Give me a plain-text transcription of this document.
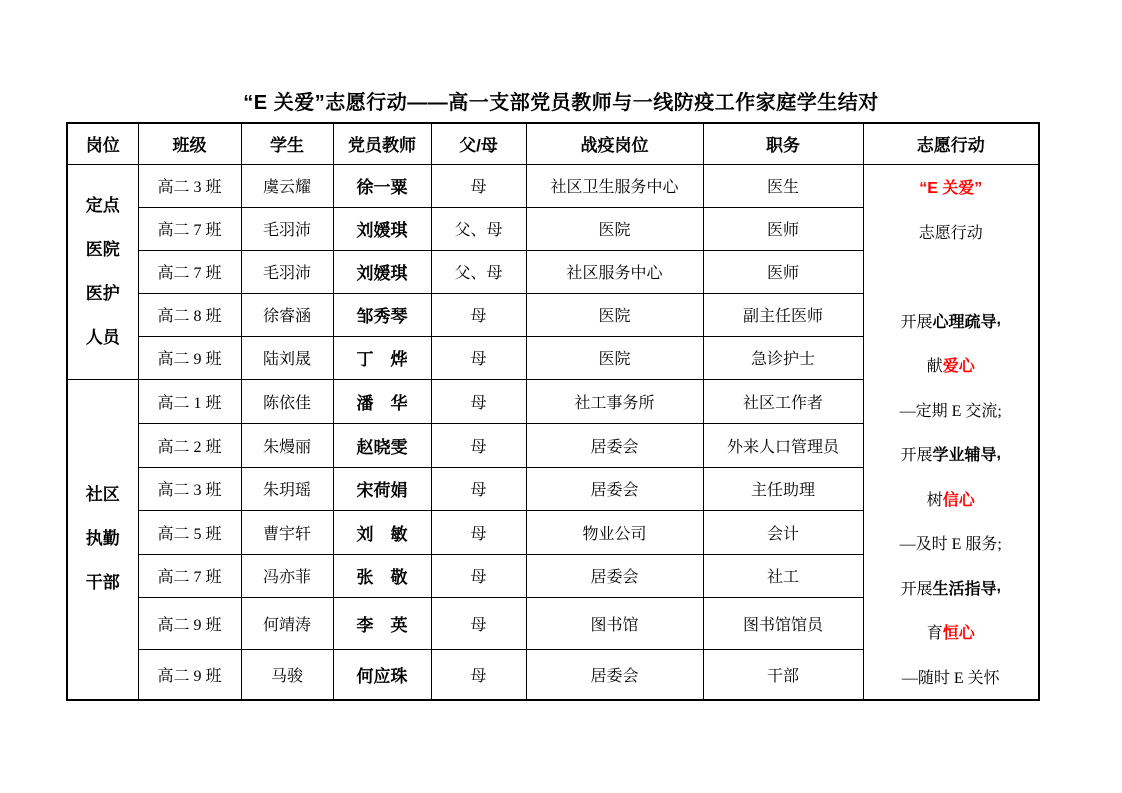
“E 关爱”志愿行动——高一支部党员教师与一线防疫工作家庭学生结对
岗位	班级	学生	党员教师	父/母	战疫岗位	职务	志愿行动

定点
医院
医护
人员
	高二 3 班	虞云耀	徐一粟	母	社区卫生服务中心	医生	“E 关爱”
志愿行动
开展 心理疏导 ,
献 爱心
—定期 E 交流;
开展 学业辅导 ,
树 信心
—及时 E 服务;
开展 生活指导 ,
育 恒心
—随时 E 关怀

	高二 7 班	毛羽沛	刘媛琪	父、母	医院	医师	
	高二 7 班	毛羽沛	刘媛琪	父、母	社区服务中心	医师	
	高二 8 班	徐睿涵	邹秀琴	母	医院	副主任医师	
	高二 9 班	陆刘晟	丁　烨	母	医院	急诊护士	

社区
执勤
干部	高二 1 班	陈依佳	潘　华	母	社工事务所	社区工作者	
	高二 2 班	朱熳丽	赵晓雯	母	居委会	外来人口管理员	
	高二 3 班	朱玥瑶	宋荷娟	母	居委会	主任助理	
	高二 5 班	曹宇轩	刘　敏	母	物业公司	会计	
	高二 7 班	冯亦菲	张　敬	母	居委会	社工	
	高二 9 班	何靖涛	李　英	母	图书馆	图书馆馆员	
	高二 9 班	马骏	何应珠	母	居委会	干部	
